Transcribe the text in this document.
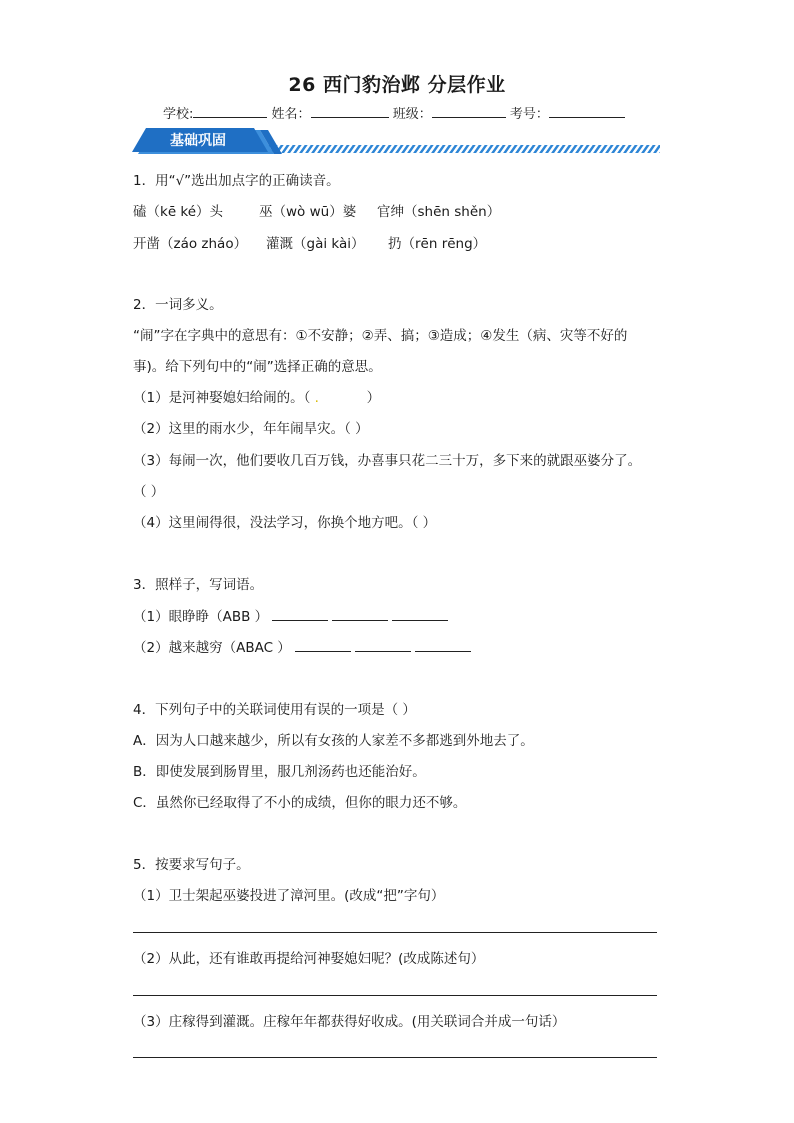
26 西门豹治邺 分层作业
学校:	姓名：	班级：	考号：
基础巩固
1．用“√”选出加点字的正确读音。
磕（kē ké）头	巫（wò wū）婆 官绅（shēn shěn）
开凿（záo zháo） 灌溉（gài kài） 扔（rēn rēng）
2．一词多义。
“闹”字在字典中的意思有：①不安静；②弄、搞；③造成；④发生（病、灾等不好的
事)。给下列句中的“闹”选择正确的意思。
（1）是河神娶媳妇给闹的。（ .	）
（2）这里的雨水少，年年闹旱灾。（ ）
（3）每闹一次，他们要收几百万钱，办喜事只花二三十万，多下来的就跟巫婆分了。
（ ）
（4）这里闹得很，没法学习，你换个地方吧。（ ）
3．照样子，写词语。
（1）眼睁睁（ABB ）
（2）越来越穷（ABAC ）
4．下列句子中的关联词使用有误的一项是（ ）
A．因为人口越来越少，所以有女孩的人家差不多都逃到外地去了。
B．即使发展到肠胃里，服几剂汤药也还能治好。
C．虽然你已经取得了不小的成绩，但你的眼力还不够。
5．按要求写句子。
（1）卫士架起巫婆投进了漳河里。(改成“把”字句）
（2）从此，还有谁敢再提给河神娶媳妇呢？(改成陈述句）
（3）庄稼得到灌溉。庄稼年年都获得好收成。(用关联词合并成一句话）
